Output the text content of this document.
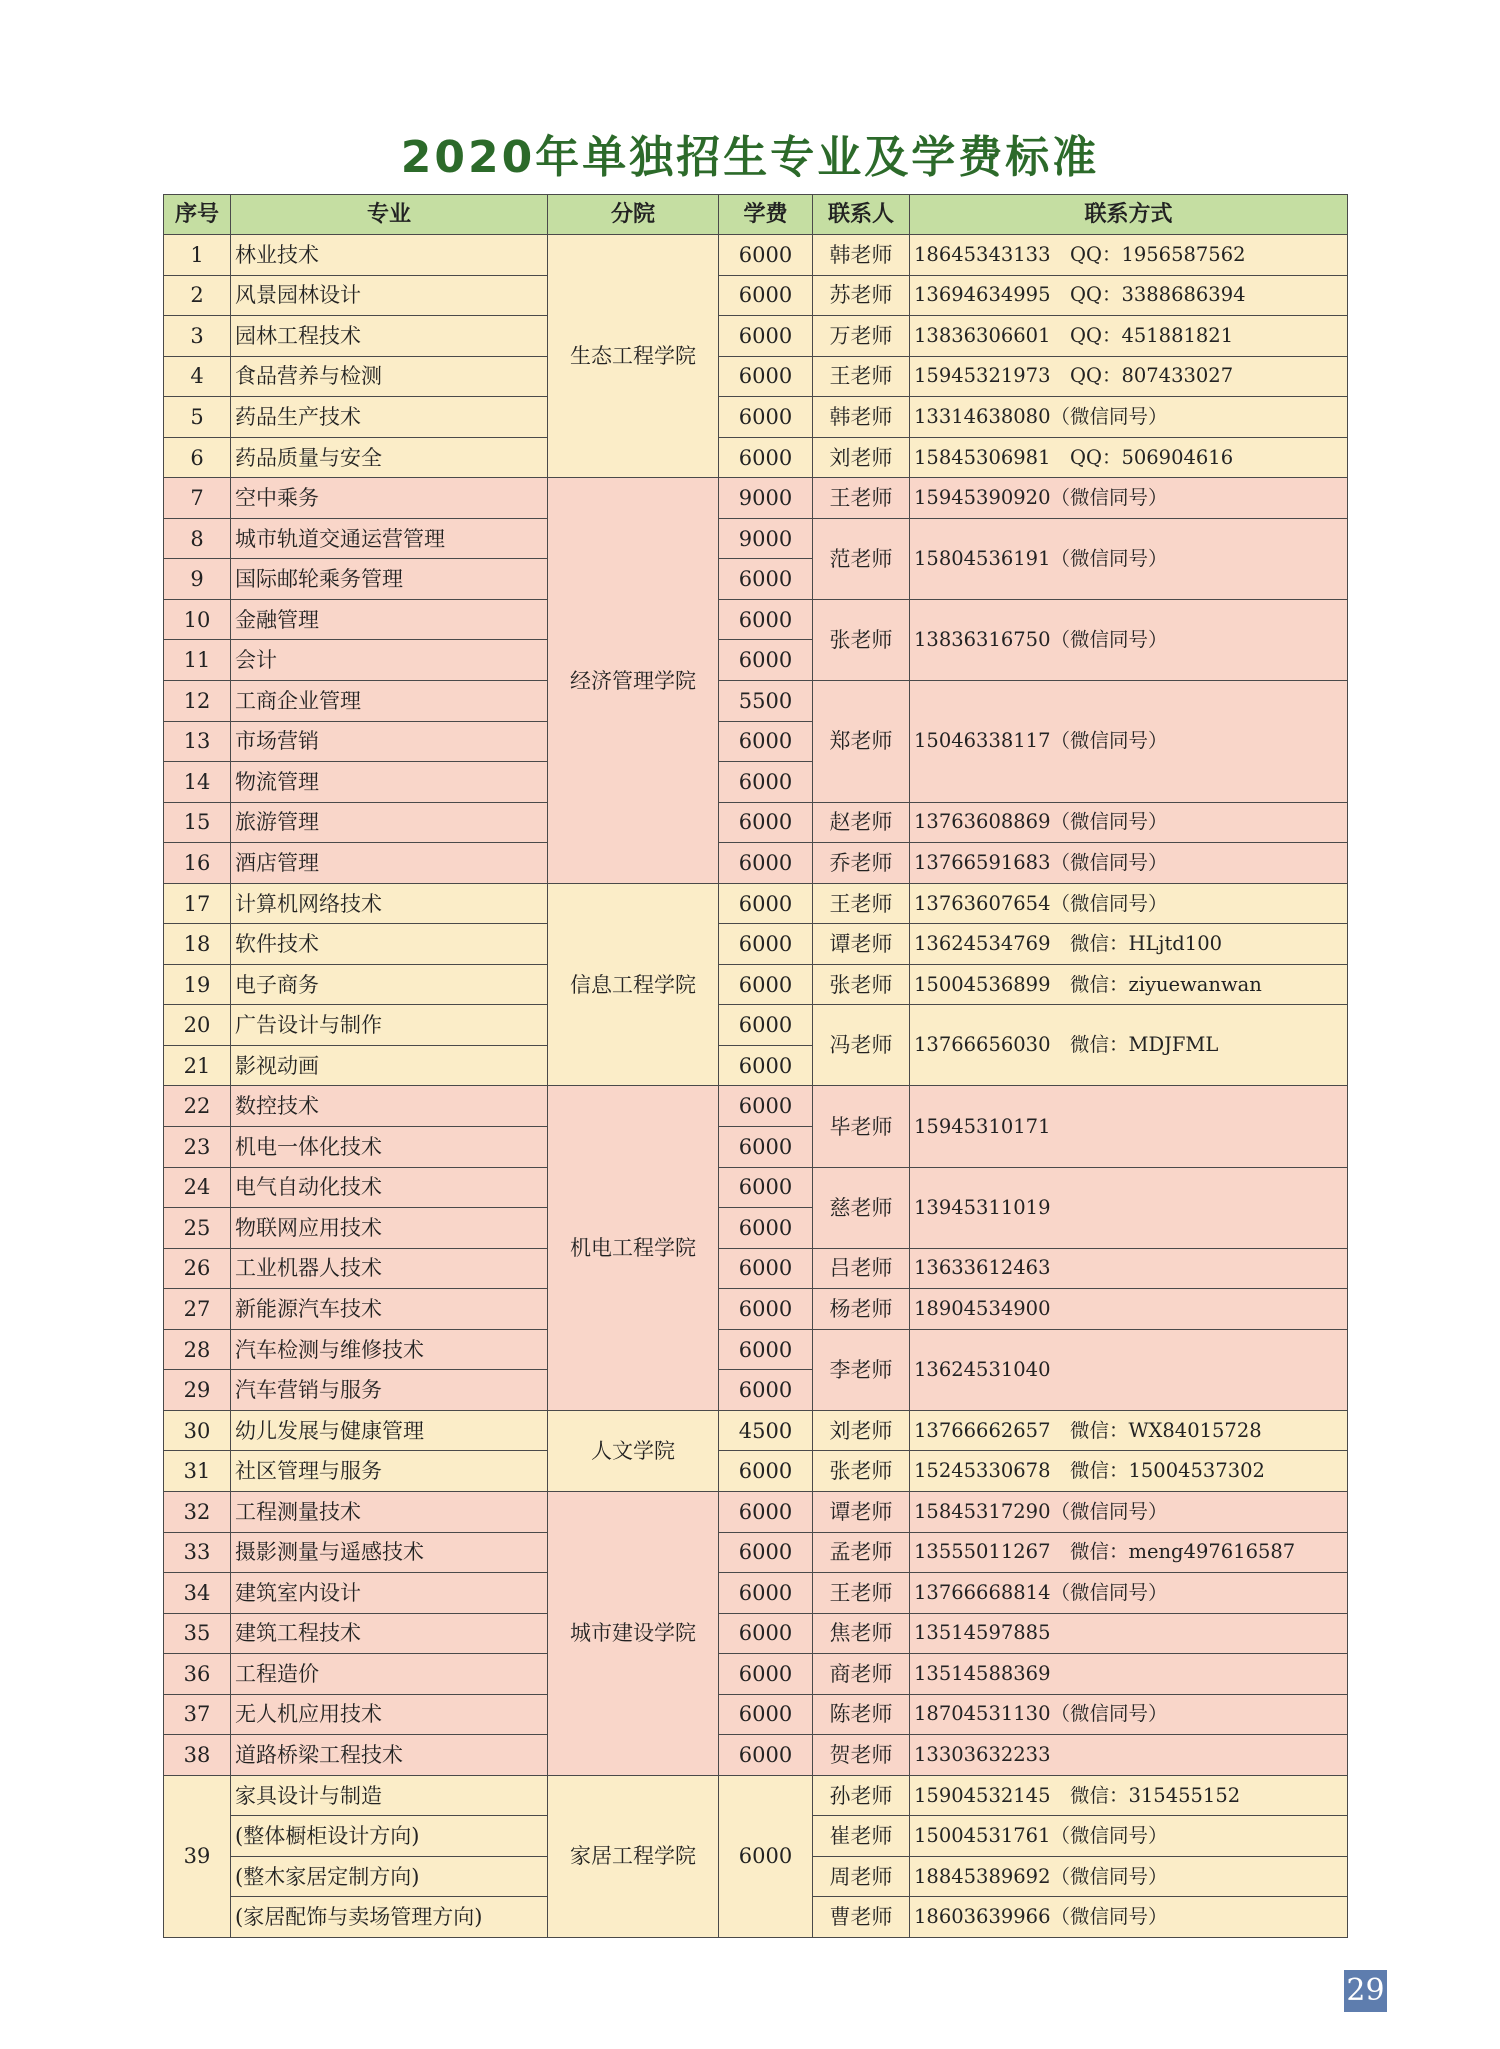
2020年单独招生专业及学费标准
序号	专业	分院	学费	联系人	联系方式
1	林业技术	生态工程学院	6000	韩老师	18645343133　QQ：1956587562
2	风景园林设计		6000	苏老师	13694634995　QQ：3388686394
3	园林工程技术		6000	万老师	13836306601　QQ：451881821
4	食品营养与检测		6000	王老师	15945321973　QQ：807433027
5	药品生产技术		6000	韩老师	13314638080（微信同号）
6	药品质量与安全		6000	刘老师	15845306981　QQ：506904616
7	空中乘务	经济管理学院	9000	王老师	15945390920（微信同号）
8	城市轨道交通运营管理		9000	范老师	15804536191（微信同号）
9	国际邮轮乘务管理		6000		
10	金融管理		6000	张老师	13836316750（微信同号）
11	会计		6000		
12	工商企业管理		5500	郑老师	15046338117（微信同号）
13	市场营销		6000		
14	物流管理		6000		
15	旅游管理		6000	赵老师	13763608869（微信同号）
16	酒店管理		6000	乔老师	13766591683（微信同号）
17	计算机网络技术	信息工程学院	6000	王老师	13763607654（微信同号）
18	软件技术		6000	谭老师	13624534769　微信：HLjtd100
19	电子商务		6000	张老师	15004536899　微信：ziyuewanwan
20	广告设计与制作		6000	冯老师	13766656030　微信：MDJFML
21	影视动画		6000		
22	数控技术	机电工程学院	6000	毕老师	15945310171
23	机电一体化技术		6000		
24	电气自动化技术		6000	慈老师	13945311019
25	物联网应用技术		6000		
26	工业机器人技术		6000	吕老师	13633612463
27	新能源汽车技术		6000	杨老师	18904534900
28	汽车检测与维修技术		6000	李老师	13624531040
29	汽车营销与服务		6000		
30	幼儿发展与健康管理	人文学院	4500	刘老师	13766662657　微信：WX84015728
31	社区管理与服务		6000	张老师	15245330678　微信：15004537302
32	工程测量技术	城市建设学院	6000	谭老师	15845317290（微信同号）
33	摄影测量与遥感技术		6000	孟老师	13555011267　微信：meng497616587
34	建筑室内设计		6000	王老师	13766668814（微信同号）
35	建筑工程技术		6000	焦老师	13514597885
36	工程造价		6000	商老师	13514588369
37	无人机应用技术		6000	陈老师	18704531130（微信同号）
38	道路桥梁工程技术		6000	贺老师	13303632233
39	家具设计与制造	家居工程学院	6000	孙老师	15904532145　微信：315455152
	(整体橱柜设计方向)			崔老师	15004531761（微信同号）
	(整木家居定制方向)			周老师	18845389692（微信同号）
	(家居配饰与卖场管理方向)			曹老师	18603639966（微信同号）
29
